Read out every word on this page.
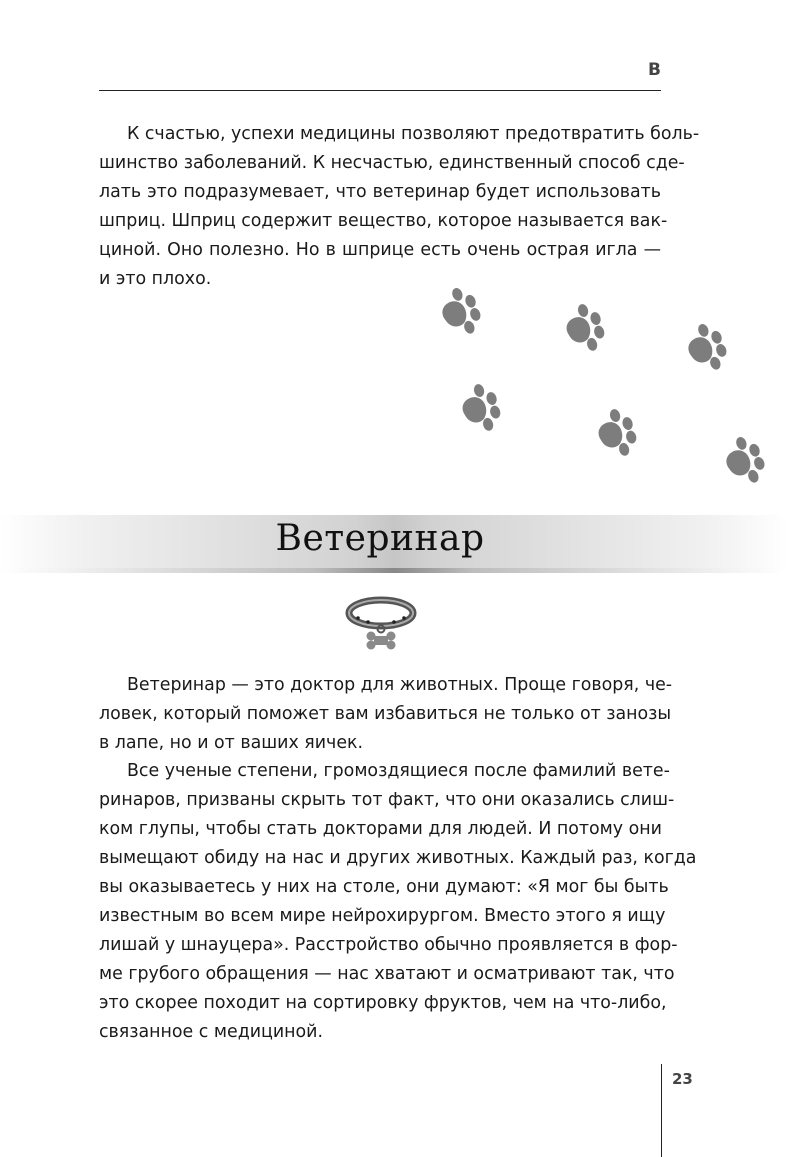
В

К счастью, успехи медицины позволяют предотвратить боль-
шинство заболеваний. К несчастью, единственный способ сде-
лать это подразумевает, что ветеринар будет использовать
шприц. Шприц содержит вещество, которое называется вак-
циной. Оно полезно. Но в шприце есть очень острая игла —
и это плохо.

Ветеринар

Ветеринар — это доктор для животных. Проще говоря, че-
ловек, который поможет вам избавиться не только от занозы
в лапе, но и от ваших яичек.

Все ученые степени, громоздящиеся после фамилий вете-
ринаров, призваны скрыть тот факт, что они оказались слиш-
ком глупы, чтобы стать докторами для людей. И потому они
вымещают обиду на нас и других животных. Каждый раз, когда
вы оказываетесь у них на столе, они думают: «Я мог бы быть
известным во всем мире нейрохирургом. Вместо этого я ищу
лишай у шнауцера». Расстройство обычно проявляется в фор-
ме грубого обращения — нас хватают и осматривают так, что
это скорее походит на сортировку фруктов, чем на что-либо,
связанное с медициной.

23
